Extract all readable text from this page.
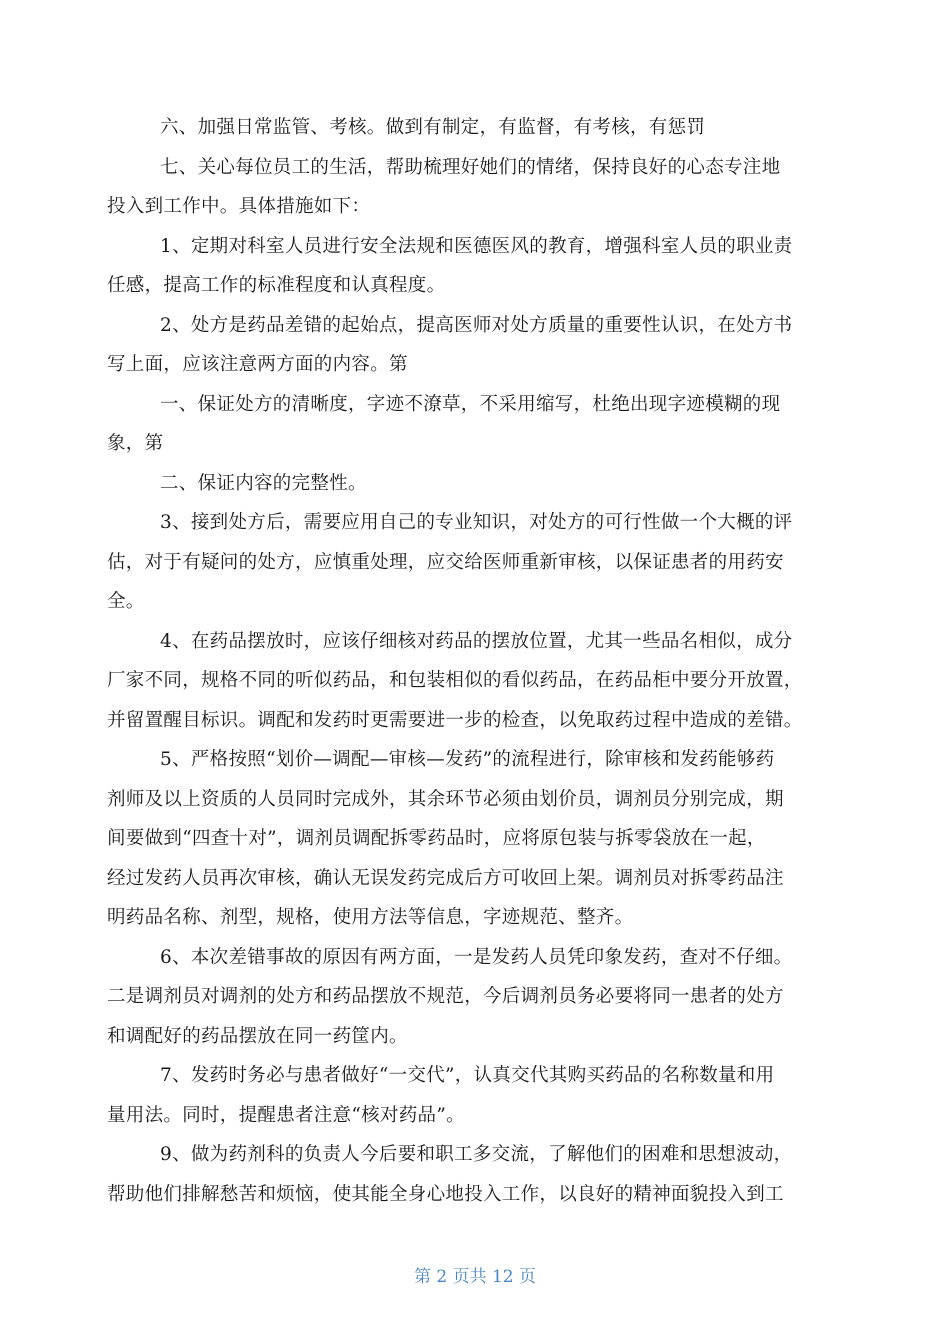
六、加强日常监管、考核。做到有制定，有监督，有考核，有惩罚
七、关心每位员工的生活，帮助梳理好她们的情绪，保持良好的心态专注地
投入到工作中。具体措施如下：
1、定期对科室人员进行安全法规和医德医风的教育，增强科室人员的职业责
任感，提高工作的标准程度和认真程度。
2、处方是药品差错的起始点，提高医师对处方质量的重要性认识，在处方书
写上面，应该注意两方面的内容。第
一、保证处方的清晰度，字迹不潦草，不采用缩写，杜绝出现字迹模糊的现
象，第
二、保证内容的完整性。
3、接到处方后，需要应用自己的专业知识，对处方的可行性做一个大概的评
估，对于有疑问的处方，应慎重处理，应交给医师重新审核，以保证患者的用药安
全。
4、在药品摆放时，应该仔细核对药品的摆放位置，尤其一些品名相似，成分
厂家不同，规格不同的听似药品，和包装相似的看似药品，在药品柜中要分开放置，
并留置醒目标识。调配和发药时更需要进一步的检查，以免取药过程中造成的差错。
5、严格按照“划价—调配—审核—发药”的流程进行，除审核和发药能够药
剂师及以上资质的人员同时完成外，其余环节必须由划价员，调剂员分别完成，期
间要做到“四查十对”，调剂员调配拆零药品时，应将原包装与拆零袋放在一起，
经过发药人员再次审核，确认无误发药完成后方可收回上架。调剂员对拆零药品注
明药品名称、剂型，规格，使用方法等信息，字迹规范、整齐。
6、本次差错事故的原因有两方面，一是发药人员凭印象发药，查对不仔细。
二是调剂员对调剂的处方和药品摆放不规范，今后调剂员务必要将同一患者的处方
和调配好的药品摆放在同一药筐内。
7、发药时务必与患者做好“一交代”，认真交代其购买药品的名称数量和用
量用法。同时，提醒患者注意“核对药品”。
9、做为药剂科的负责人今后要和职工多交流，了解他们的困难和思想波动，
帮助他们排解愁苦和烦恼，使其能全身心地投入工作，以良好的精神面貌投入到工
第 2 页共 12 页
